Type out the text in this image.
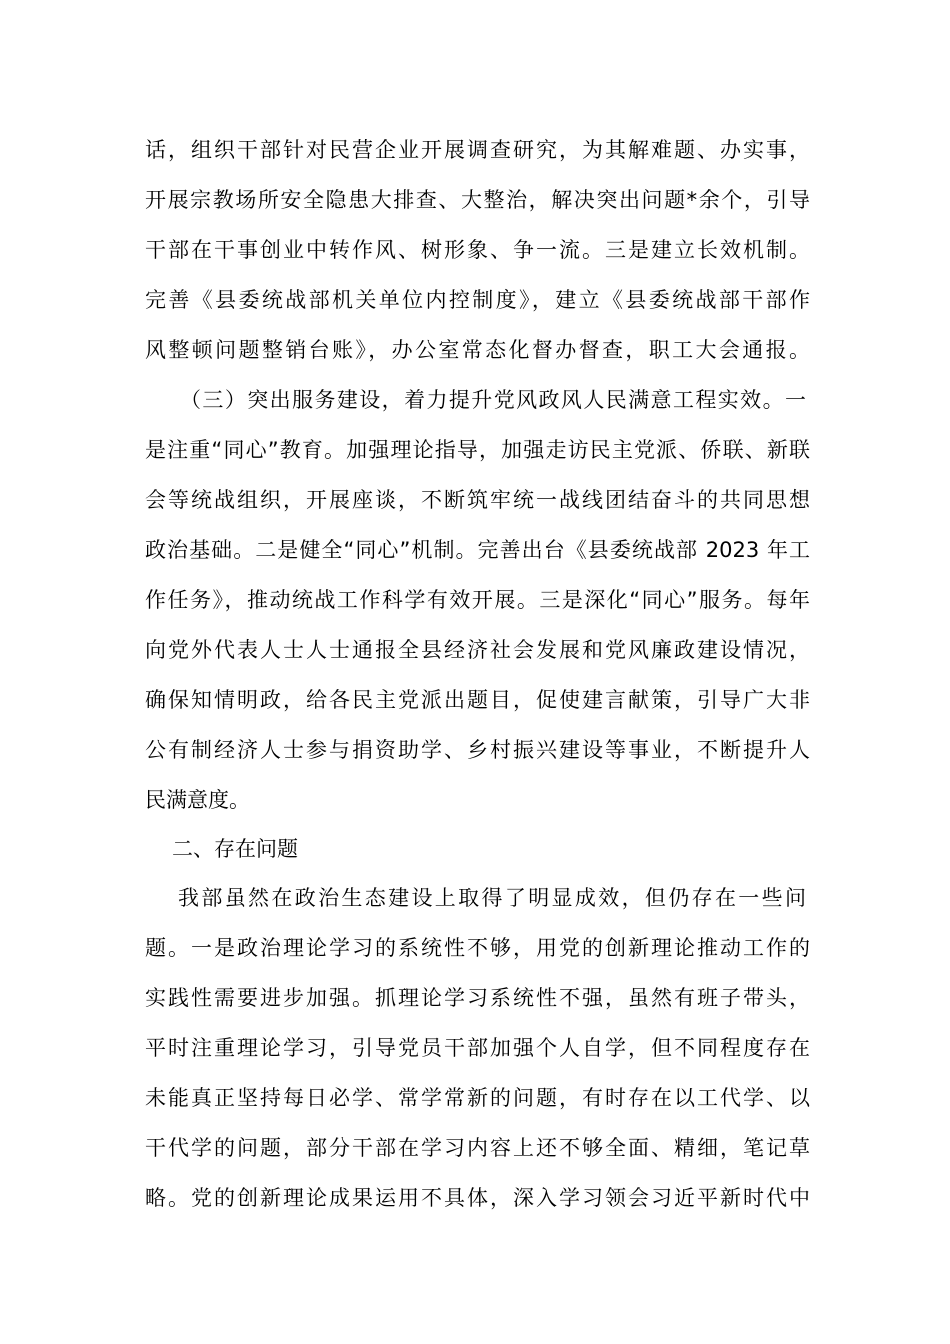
话，组织干部针对民营企业开展调查研究，为其解难题、办实事，
开展宗教场所安全隐患大排查、大整治，解决突出问题*余个，引导
干部在干事创业中转作风、树形象、争一流。三是建立长效机制。
完善《县委统战部机关单位内控制度》，建立《县委统战部干部作
风整顿问题整销台账》，办公室常态化督办督查，职工大会通报。
（三）突出服务建设，着力提升党风政风人民满意工程实效。一
是注重“同心”教育。加强理论指导，加强走访民主党派、侨联、新联
会等统战组织，开展座谈，不断筑牢统一战线团结奋斗的共同思想
政治基础。二是健全“同心”机制。完善出台《县委统战部 2023 年工
作任务》，推动统战工作科学有效开展。三是深化“同心”服务。每年
向党外代表人士人士通报全县经济社会发展和党风廉政建设情况，
确保知情明政，给各民主党派出题目，促使建言献策，引导广大非
公有制经济人士参与捐资助学、乡村振兴建设等事业，不断提升人
民满意度。
二、存在问题
我部虽然在政治生态建设上取得了明显成效，但仍存在一些问
题。一是政治理论学习的系统性不够，用党的创新理论推动工作的
实践性需要进步加强。抓理论学习系统性不强，虽然有班子带头，
平时注重理论学习，引导党员干部加强个人自学，但不同程度存在
未能真正坚持每日必学、常学常新的问题，有时存在以工代学、以
干代学的问题，部分干部在学习内容上还不够全面、精细，笔记草
略。党的创新理论成果运用不具体，深入学习领会习近平新时代中
